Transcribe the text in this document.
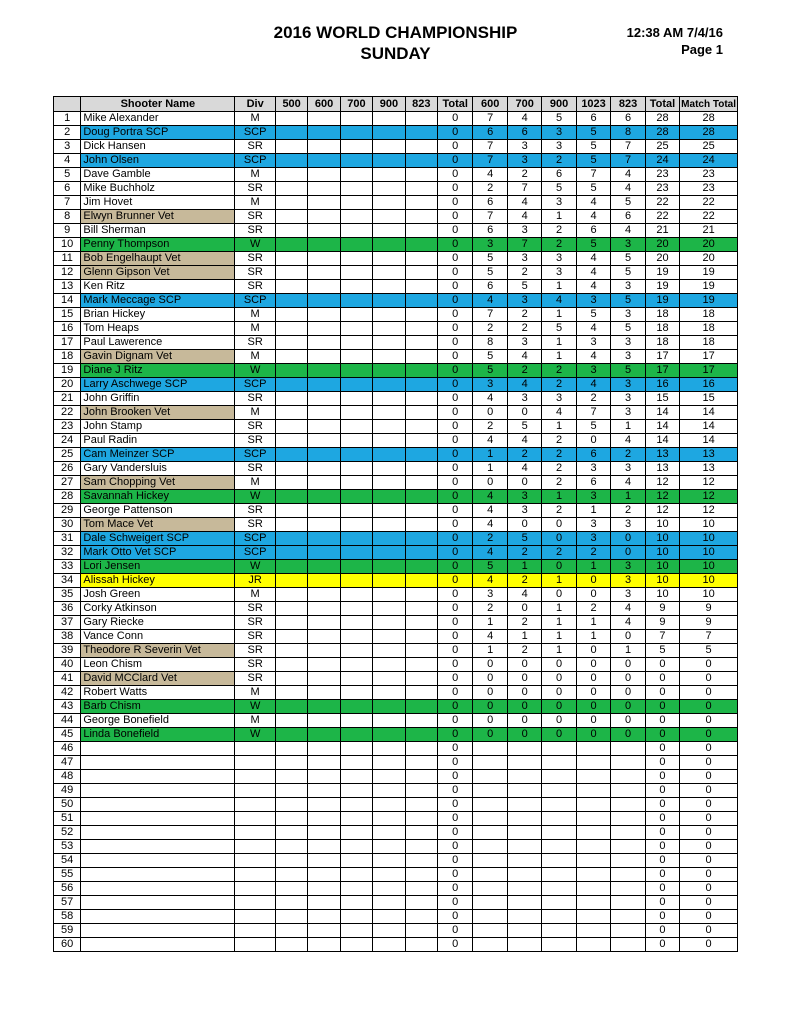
2016 WORLD CHAMPIONSHIP
SUNDAY
12:38 AM 7/4/16
Page 1
	Shooter Name	Div	500	600	700	900	823	Total	600	700	900	1023	823	Total	Match Total
1	Mike Alexander	M						0	7	4	5	6	6	28	28
2	Doug Portra SCP	SCP						0	6	6	3	5	8	28	28
3	Dick Hansen	SR						0	7	3	3	5	7	25	25
4	John Olsen	SCP						0	7	3	2	5	7	24	24
5	Dave Gamble	M						0	4	2	6	7	4	23	23
6	Mike Buchholz	SR						0	2	7	5	5	4	23	23
7	Jim Hovet	M						0	6	4	3	4	5	22	22
8	Elwyn Brunner Vet	SR						0	7	4	1	4	6	22	22
9	Bill Sherman	SR						0	6	3	2	6	4	21	21
10	Penny Thompson	W						0	3	7	2	5	3	20	20
11	Bob Engelhaupt Vet	SR						0	5	3	3	4	5	20	20
12	Glenn Gipson Vet	SR						0	5	2	3	4	5	19	19
13	Ken Ritz	SR						0	6	5	1	4	3	19	19
14	Mark Meccage SCP	SCP						0	4	3	4	3	5	19	19
15	Brian Hickey	M						0	7	2	1	5	3	18	18
16	Tom Heaps	M						0	2	2	5	4	5	18	18
17	Paul Lawerence	SR						0	8	3	1	3	3	18	18
18	Gavin Dignam Vet	M						0	5	4	1	4	3	17	17
19	Diane J Ritz	W						0	5	2	2	3	5	17	17
20	Larry Aschwege SCP	SCP						0	3	4	2	4	3	16	16
21	John Griffin	SR						0	4	3	3	2	3	15	15
22	John Brooken Vet	M						0	0	0	4	7	3	14	14
23	John Stamp	SR						0	2	5	1	5	1	14	14
24	Paul Radin	SR						0	4	4	2	0	4	14	14
25	Cam Meinzer SCP	SCP						0	1	2	2	6	2	13	13
26	Gary Vandersluis	SR						0	1	4	2	3	3	13	13
27	Sam Chopping Vet	M						0	0	0	2	6	4	12	12
28	Savannah Hickey	W						0	4	3	1	3	1	12	12
29	George Pattenson	SR						0	4	3	2	1	2	12	12
30	Tom Mace Vet	SR						0	4	0	0	3	3	10	10
31	Dale Schweigert SCP	SCP						0	2	5	0	3	0	10	10
32	Mark Otto Vet SCP	SCP						0	4	2	2	2	0	10	10
33	Lori Jensen	W						0	5	1	0	1	3	10	10
34	Alissah Hickey	JR						0	4	2	1	0	3	10	10
35	Josh Green	M						0	3	4	0	0	3	10	10
36	Corky Atkinson	SR						0	2	0	1	2	4	9	9
37	Gary Riecke	SR						0	1	2	1	1	4	9	9
38	Vance Conn	SR						0	4	1	1	1	0	7	7
39	Theodore R Severin Vet	SR						0	1	2	1	0	1	5	5
40	Leon Chism	SR						0	0	0	0	0	0	0	0
41	David MCClard Vet	SR						0	0	0	0	0	0	0	0
42	Robert Watts	M						0	0	0	0	0	0	0	0
43	Barb Chism	W						0	0	0	0	0	0	0	0
44	George Bonefield	M						0	0	0	0	0	0	0	0
45	Linda Bonefield	W						0	0	0	0	0	0	0	0
46								0						0	0
47								0						0	0
48								0						0	0
49								0						0	0
50								0						0	0
51								0						0	0
52								0						0	0
53								0						0	0
54								0						0	0
55								0						0	0
56								0						0	0
57								0						0	0
58								0						0	0
59								0						0	0
60								0						0	0
